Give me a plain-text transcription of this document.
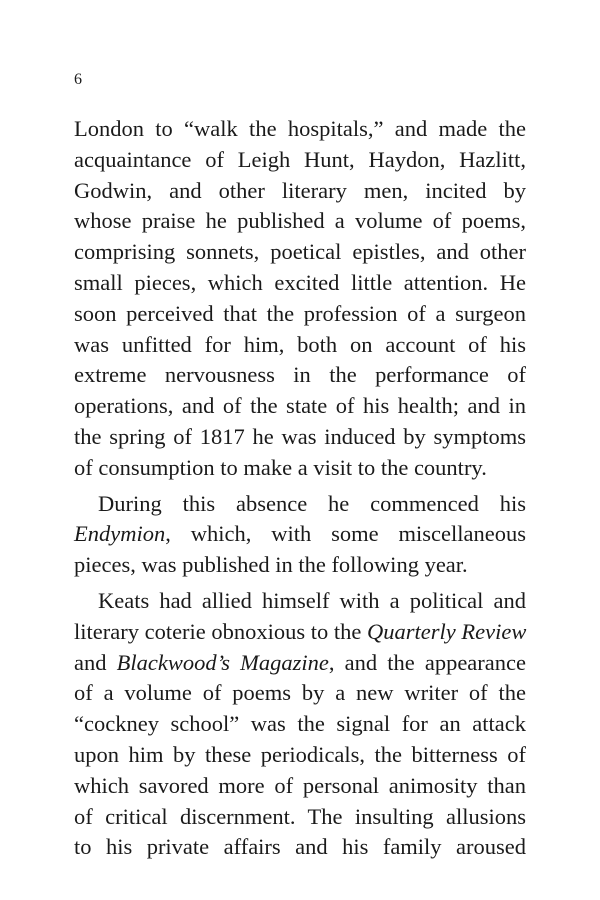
6
London to “walk the hospitals,” and made the
acquaintance of Leigh Hunt, Haydon, Hazlitt,
Godwin, and other literary men, incited by
whose praise he published a volume of poems,
comprising sonnets, poetical epistles, and other
small pieces, which excited little attention. He
soon perceived that the profession of a surgeon
was unfitted for him, both on account of his
extreme nervousness in the performance of
operations, and of the state of his health; and in
the spring of 1817 he was induced by symptoms
of consumption to make a visit to the country.
During this absence he commenced his
Endymion, which, with some miscellaneous
pieces, was published in the following year.
Keats had allied himself with a political and
literary coterie obnoxious to the Quarterly Review
and Blackwood’s Magazine, and the appearance
of a volume of poems by a new writer of the
“cockney school” was the signal for an attack
upon him by these periodicals, the bitterness of
which savored more of personal animosity than
of critical discernment. The insulting allusions
to his private affairs and his family aroused
